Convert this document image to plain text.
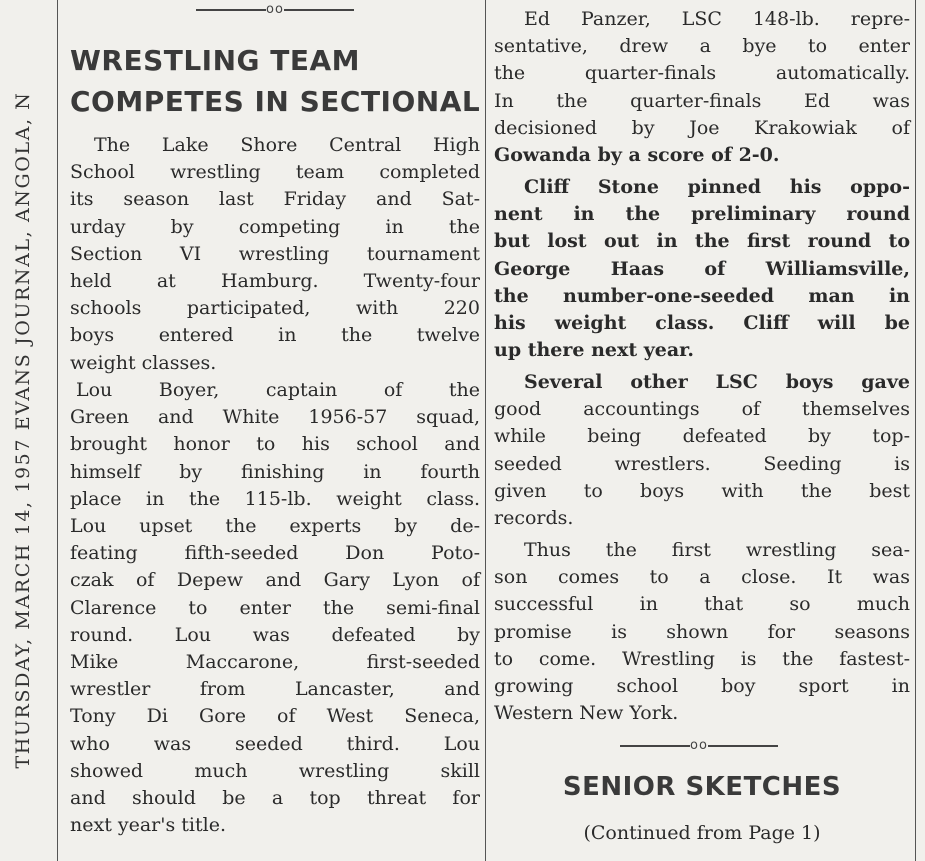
THURSDAY, MARCH 14, 1957 EVANS JOURNAL, ANGOLA, N
oo
WRESTLING TEAM
COMPETES IN SECTIONAL
The Lake Shore Central High
School wrestling team completed
its season last Friday and Sat-
urday by competing in the
Section VI wrestling tournament
held at Hamburg. Twenty-four
schools participated, with 220
boys entered in the twelve
weight classes.
Lou Boyer, captain of the
Green and White 1956-57 squad,
brought honor to his school and
himself by finishing in fourth
place in the 115-lb. weight class.
Lou upset the experts by de-
feating fifth-seeded Don Poto-
czak of Depew and Gary Lyon of
Clarence to enter the semi-final
round. Lou was defeated by
Mike Maccarone, first-seeded
wrestler from Lancaster, and
Tony Di Gore of West Seneca,
who was seeded third. Lou
showed much wrestling skill
and should be a top threat for
next year's title.
Ed Panzer, LSC 148-lb. repre-
sentative, drew a bye to enter
the quarter-finals automatically.
In the quarter-finals Ed was
decisioned by Joe Krakowiak of
Gowanda by a score of 2-0.
Cliff Stone pinned his oppo-
nent in the preliminary round
but lost out in the first round to
George Haas of Williamsville,
the number-one-seeded man in
his weight class. Cliff will be
up there next year.
Several other LSC boys gave
good accountings of themselves
while being defeated by top-
seeded wrestlers. Seeding is
given to boys with the best
records.
Thus the first wrestling sea-
son comes to a close. It was
successful in that so much
promise is shown for seasons
to come. Wrestling is the fastest-
growing school boy sport in
Western New York.
oo
SENIOR SKETCHES
(Continued from Page 1)
